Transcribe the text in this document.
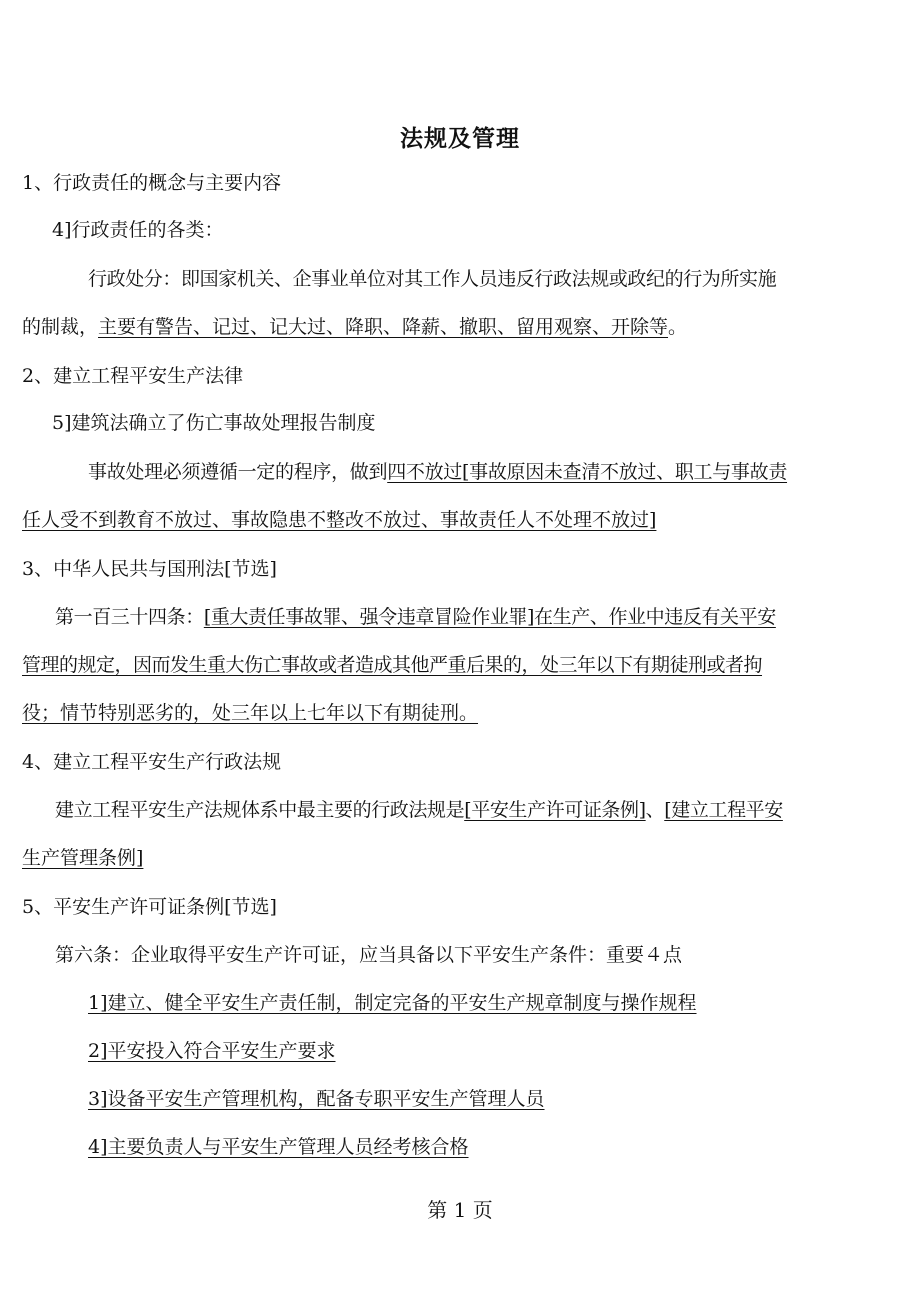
法规及管理
1、行政责任的概念与主要内容
4]行政责任的各类：
行政处分：即国家机关、企事业单位对其工作人员违反行政法规或政纪的行为所实施
的制裁，主要有警告、记过、记大过、降职、降薪、撤职、留用观察、开除等。
2、建立工程平安生产法律
5]建筑法确立了伤亡事故处理报告制度
事故处理必须遵循一定的程序，做到四不放过[事故原因未查清不放过、职工与事故责
任人受不到教育不放过、事故隐患不整改不放过、事故责任人不处理不放过]
3、中华人民共与国刑法[节选]
第一百三十四条：[重大责任事故罪、强令违章冒险作业罪]在生产、作业中违反有关平安
管理的规定，因而发生重大伤亡事故或者造成其他严重后果的，处三年以下有期徒刑或者拘
役；情节特别恶劣的，处三年以上七年以下有期徒刑。
4、建立工程平安生产行政法规
建立工程平安生产法规体系中最主要的行政法规是[平安生产许可证条例]、[建立工程平安
生产管理条例]
5、平安生产许可证条例[节选]
第六条：企业取得平安生产许可证，应当具备以下平安生产条件：重要４点
1]建立、健全平安生产责任制，制定完备的平安生产规章制度与操作规程
2]平安投入符合平安生产要求
3]设备平安生产管理机构，配备专职平安生产管理人员
4]主要负责人与平安生产管理人员经考核合格
第 1 页
